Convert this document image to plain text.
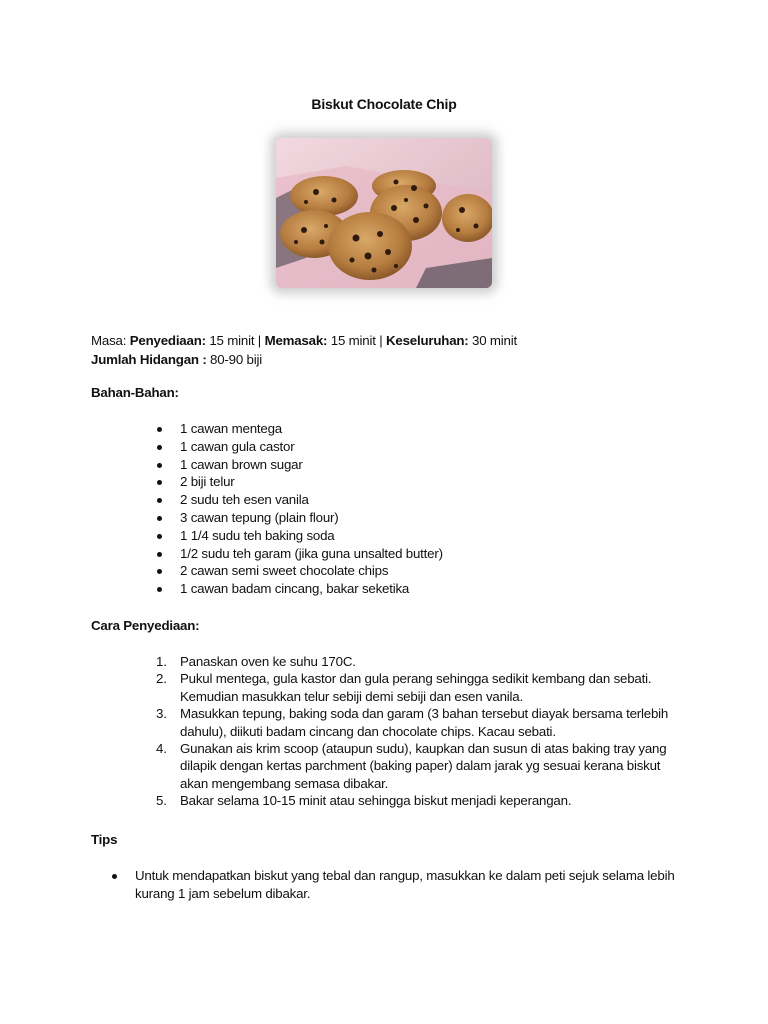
Biskut Chocolate Chip
Masa: Penyediaan: 15 minit | Memasak: 15 minit | Keseluruhan: 30 minit
Jumlah Hidangan : 80-90 biji
Bahan-Bahan:
1 cawan mentega
1 cawan gula castor
1 cawan brown sugar
2 biji telur
2 sudu teh esen vanila
3 cawan tepung (plain flour)
1 1/4 sudu teh baking soda
1/2 sudu teh garam (jika guna unsalted butter)
2 cawan semi sweet chocolate chips
1 cawan badam cincang, bakar seketika
Cara Penyediaan:
1. Panaskan oven ke suhu 170C.
2. Pukul mentega, gula kastor dan gula perang sehingga sedikit kembang dan sebati. Kemudian masukkan telur sebiji demi sebiji dan esen vanila.
3. Masukkan tepung, baking soda dan garam (3 bahan tersebut diayak bersama terlebih dahulu), diikuti badam cincang dan chocolate chips. Kacau sebati.
4. Gunakan ais krim scoop (ataupun sudu), kaupkan dan susun di atas baking tray yang dilapik dengan kertas parchment (baking paper) dalam jarak yg sesuai kerana biskut akan mengembang semasa dibakar.
5. Bakar selama 10-15 minit atau sehingga biskut menjadi keperangan.
Tips
Untuk mendapatkan biskut yang tebal dan rangup, masukkan ke dalam peti sejuk selama lebih kurang 1 jam sebelum dibakar.
